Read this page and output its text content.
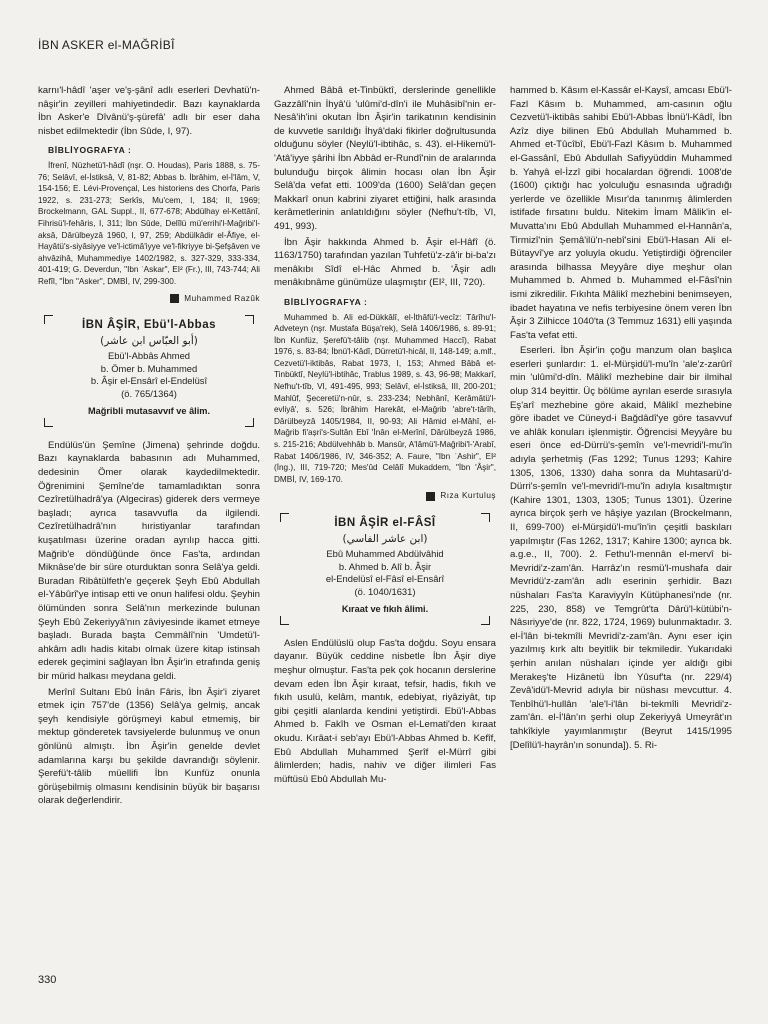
İBN ASKER el-MAĞRİBÎ

karnı'l-hâdî 'aşer ve'ş-şânî adlı eserleri Devhatü'n-nâşir'in zeyilleri mahiyetindedir. Bazı kaynaklarda İbn Asker'e Dîvânü'ş-şürefâ' adlı bir eser daha nisbet edilmektedir (İbn Sûde, I, 97).

BİBLİYOGRAFYA :

İfrenî, Nüzhetü'l-hâdî (nşr. O. Houdas), Paris 1888, s. 75-76; Selâvî, el-İstiksâ, V, 81-82; Abbas b. İbrâhim, el-İ'lâm, V, 154-156; E. Lévi-Provençal, Les historiens des Chorfa, Paris 1922, s. 231-273; Serkîs, Mu'cem, I, 184; II, 1969; Brockelmann, GAL Suppl., II, 677-678; Abdülhay el-Kettânî, Fihrisü'l-fehâris, I, 311; İbn Sûde, Delîlü mü'errihi'l-Mağribi'l-aksâ, Dârülbeyzâ 1960, I, 97, 259; Abdülkâdir el-Âfiye, el-Hayâtü's-siyâsiyye ve'l-ictimâ'iyye ve'l-fikriyye bi-Şefşâven ve ahvâzihâ, Muhammediye 1402/1982, s. 327-329, 333-334, 401-419; G. Deverdun, "Ibn ʿAskar", EI² (Fr.), III, 743-744; Ali Refîl, "İbn "Asker", DMBİ, IV, 299-300.

Muhammed Razûk
İBN ÂŞİR, Ebü'l-Abbas
(أبو العبّاس ابن عاشر)
Ebü'l-Abbâs Ahmed
b. Ömer b. Muhammed
b. Âşir el-Ensârî el-Endelüsî
(ö. 765/1364)
Mağribli mutasavvıf ve âlim.

Endülüs'ün Şemîne (Jimena) şehrinde doğdu. Bazı kaynaklarda babasının adı Muhammed, dedesinin Ömer olarak kaydedilmektedir. Öğrenimini Şemîne'de tamamladıktan sonra Cezîretülhadrâ'ya (Algeciras) giderek ders vermeye başladı; ayrıca tasavvufla da ilgilendi. Cezîretülhadrâ'nın hıristiyanlar tarafından kuşatılması üzerine oradan ayrılıp hacca gitti. Mağrib'e döndüğünde önce Fas'ta, ardından Miknâse'de bir süre oturduktan sonra Selâ'ya geldi. Buradan Ribâtülfeth'e geçerek Şeyh Ebû Abdullah el-Yâbûrî'ye intisap etti ve onun halifesi oldu. Şeyhin ölümünden sonra Selâ'nın merkezinde bulunan Şeyh Ebû Zekeriyyâ'nın zâviyesinde ikamet etmeye başladı. Burada başta Cemmâlî'nin 'Umdetü'l-ahkâm adlı hadis kitabı olmak üzere kitap istinsah ederek geçimini sağlayan İbn Âşir'in etrafında geniş bir mürid halkası meydana geldi.

Merînî Sultanı Ebû İnân Fâris, İbn Âşir'i ziyaret etmek için 757'de (1356) Selâ'ya gelmiş, ancak şeyh kendisiyle görüşmeyi kabul etmemiş, bir mektup gönderetek tavsiyelerde bulunmuş ve onun gönlünü almıştı. İbn Âşir'in genelde devlet adamlarına karşı bu şekilde davrandığı söylenir. Şerefü't-tâlib müellifi İbn Kunfüz onunla görüşebilmiş olmasını kendisinin büyük bir başarısı olarak değerlendirir.

Ahmed Bâbâ et-Tinbüktî, derslerinde genellikle Gazzâlî'nin İhyâ'ü 'ulûmi'd-dîn'i ile Muhâsibî'nin er-Nesâ'ih'ini okutan İbn Âşir'in tarikatının kendisinin de kuvvetle sarıldığı İhyâ'daki fikirler doğrultusunda olduğunu söyler (Neylü'l-ibtihâc, s. 43). el-Hikemü'l-'Atâ'iyye şârihi İbn Abbâd er-Rundî'nin de aralarında bulunduğu birçok âlimin hocası olan İbn Âşir Selâ'da vefat etti. 1009'da (1600) Selâ'dan geçen Makkarî onun kabrini ziyaret ettiğini, halk arasında kerâmetlerinin anlatıldığını söyler (Nefhu't-tîb, VI, 491, 993).

İbn Âşir hakkında Ahmed b. Âşir el-Hâfî (ö. 1163/1750) tarafından yazılan Tuhfetü'z-zâ'ir bi-ba'zı menâkıbı Sîdî el-Hâc Ahmed b. 'Âşir adlı menâkıbnâme günümüze ulaşmıştır (EI², III, 720).

BİBLİYOGRAFYA :

Muhammed b. Ali ed-Dükkâlî, el-İthâfü'l-vecîz: Târîhu'l-Adveteyn (nşr. Mustafa Büşa'rek), Selâ 1406/1986, s. 89-91; İbn Kunfüz, Şerefü't-tâlib (nşr. Muhammed Haccî), Rabat 1976, s. 83-84; İbnü'l-Kâdî, Dürretü'l-hicâl, II, 148-149; a.mlf., Cezvetü'l-iktibâs, Rabat 1973, I, 153; Ahmed Bâbâ et-Tinbüktî, Neylü'l-ibtihâc, Trablus 1989, s. 43, 96-98; Makkarî, Nefhu't-tîb, VI, 491-495, 993; Selâvî, el-İstiksâ, III, 200-201; Mahlûf, Şeceretü'n-nûr, s. 233-234; Nebhânî, Kerâmâtü'l-evliyâ', s. 526; İbrâhim Harekât, el-Mağrib 'abre't-târîh, Dârülbeyzâ 1405/1984, II, 90-93; Ali Hâmid el-Mâhî, el-Mağrib fi'așri's-Sultân Ebî 'İnân el-Merînî, Dârülbeyzâ 1986, s. 215-216; Abdülvehhâb b. Mansûr, A'lâmü'l-Mağribi'l-'Arabî, Rabat 1406/1986, IV, 346-352; A. Faure, "Ibn ʿAshir", EI² (İng.), III, 719-720; Mes'ûd Celâlî Mukaddem, "İbn 'Âşir", DMBİ, IV, 169-170.

Rıza Kurtuluş
İBN ÂŞİR el-FÂSÎ
(ابن عاشر الفاسي)
Ebû Muhammed Abdülvâhid
b. Ahmed b. Alî b. Âşir
el-Endelüsî el-Fâsî el-Ensârî
(ö. 1040/1631)
Kıraat ve fıkıh âlimi.

Aslen Endülüslü olup Fas'ta doğdu. Soyu ensara dayanır. Büyük ceddine nisbetle İbn Âşir diye meşhur olmuştur. Fas'ta pek çok hocanın derslerine devam eden İbn Âşir kıraat, tefsir, hadis, fıkıh ve fıkıh usulü, kelâm, mantık, edebiyat, riyâziyât, tıp gibi çeşitli alanlarda kendini yetiştirdi. Ebü'l-Abbas Ahmed b. Fakîh ve Osman el-Lemati'den kıraat okudu. Kırâat-i seb'ayı Ebü'l-Abbas Ahmed b. Kefîf, Ebû Abdullah Muhammed Şerîf el-Mürrî gibi âlimlerden; hadis, nahiv ve diğer ilimleri Fas müftüsü Ebû Abdullah Mu-

hammed b. Kâsım el-Kassâr el-Kaysî, amcası Ebü'l-Fazl Kâsım b. Muhammed, am-casının oğlu Cezvetü'l-iktibâs sahibi Ebü'l-Abbas İbnü'l-Kâdî, İbn Azîz diye bilinen Ebû Abdullah Muhammed b. Ahmed et-Tûcîbî, Ebü'l-Fazl Kâsım b. Muhammed el-Gassânî, Ebû Abdullah Safiyyüddin Muhammed b. Yahyâ el-İzzî gibi hocalardan öğrendi. 1008'de (1600) çıktığı hac yolculuğu esnasında uğradığı yerlerde ve özellikle Mısır'da tanınmış âlimlerden istifade fırsatını buldu. Nitekim İmam Mâlik'in el-Muvatta'ını Ebû Abdullah Muhammed el-Hannân'a, Tirmizî'nin Şemâ'ilü'n-nebî'sini Ebü'l-Hasan Ali el-Bütayvî'ye arz yoluyla okudu. Yetiştirdiği öğrenciler arasında bilhassa Meyyâre diye meşhur olan Muhammed b. Ahmed b. Muhammed el-Fâsî'nin ismi zikredilir. Fıkıhta Mâlikî mezhebini benimseyen, ibadet hayatına ve nefis terbiyesine önem veren İbn Âşir 3 Zilhicce 1040'ta (3 Temmuz 1631) elli yaşında Fas'ta vefat etti.

Eserleri. İbn Âşir'in çoğu manzum olan başlıca eserleri şunlardır: 1. el-Mürşidü'l-mu'în 'ale'z-zarûrî min 'ulûmi'd-dîn. Mâlikî mezhebine dair bir ilmihal olup 314 beyittir. Üç bölüme ayrılan eserde sırasıyla Eş'arî mezhebine göre akaid, Mâlikî mezhebine göre ibadet ve Cüneyd-i Bağdâdî'ye göre tasavvuf ve ahlâk konuları işlenmiştir. Öğrencisi Meyyâre bu eseri önce ed-Dürrü's-şemîn ve'l-mevridi'l-mu'în adıyla şerhetmiş (Fas 1292; Tunus 1293; Kahire 1305, 1306, 1330) daha sonra da Muhtasarü'd-Dürri's-şemîn ve'l-mevridi'l-mu'în adıyla kısaltmıştır (Kahire 1301, 1303, 1305; Tunus 1301). Üzerine ayrıca birçok şerh ve hâşiye yazılan (Brockelmann, II, 699-700) el-Mürşidü'l-mu'în'in çeşitli baskıları yapılmıştır (Fas 1262, 1317; Kahire 1300; ayrıca bk. a.g.e., II, 700). 2. Fethu'l-mennân el-mervî bi-Mevridi'z-zam'ân. Harrâz'ın resmü'l-mushafa dair Mevridü'z-zam'ân adlı eserinin şerhidir. Bazı nüshaları Fas'ta Karaviyyîn Kütüphanesi'nde (nr. 225, 230, 858) ve Temgrût'ta Dârü'l-kütübi'n-Nâsıriyye'de (nr. 822, 1724, 1969) bulunmaktadır. 3. el-İ'lân bi-tekmîli Mevridi'z-zam'ân. Aynı eser için yazılmış kırk altı beyitlik bir tekmiledir. Yukarıdaki şerhin anılan nüshaları içinde yer aldığı gibi Merakeş'te Hizânetü İbn Yûsuf'ta (nr. 229/4) Zevâ'idü'l-Mevrid adıyla bir nüshası mevcuttur. 4. Tenbîhü'l-hullân 'ale'l-i'lân bi-tekmîli Mevridi'z-zam'ân. el-İ'lân'ın şerhi olup Zekeriyyâ Umeyrât'ın tahkîkiyle yayımlanmıştır (Beyrut 1415/1995 [Delîlü'l-hayrân'ın sonunda]). 5. Ri-

330
